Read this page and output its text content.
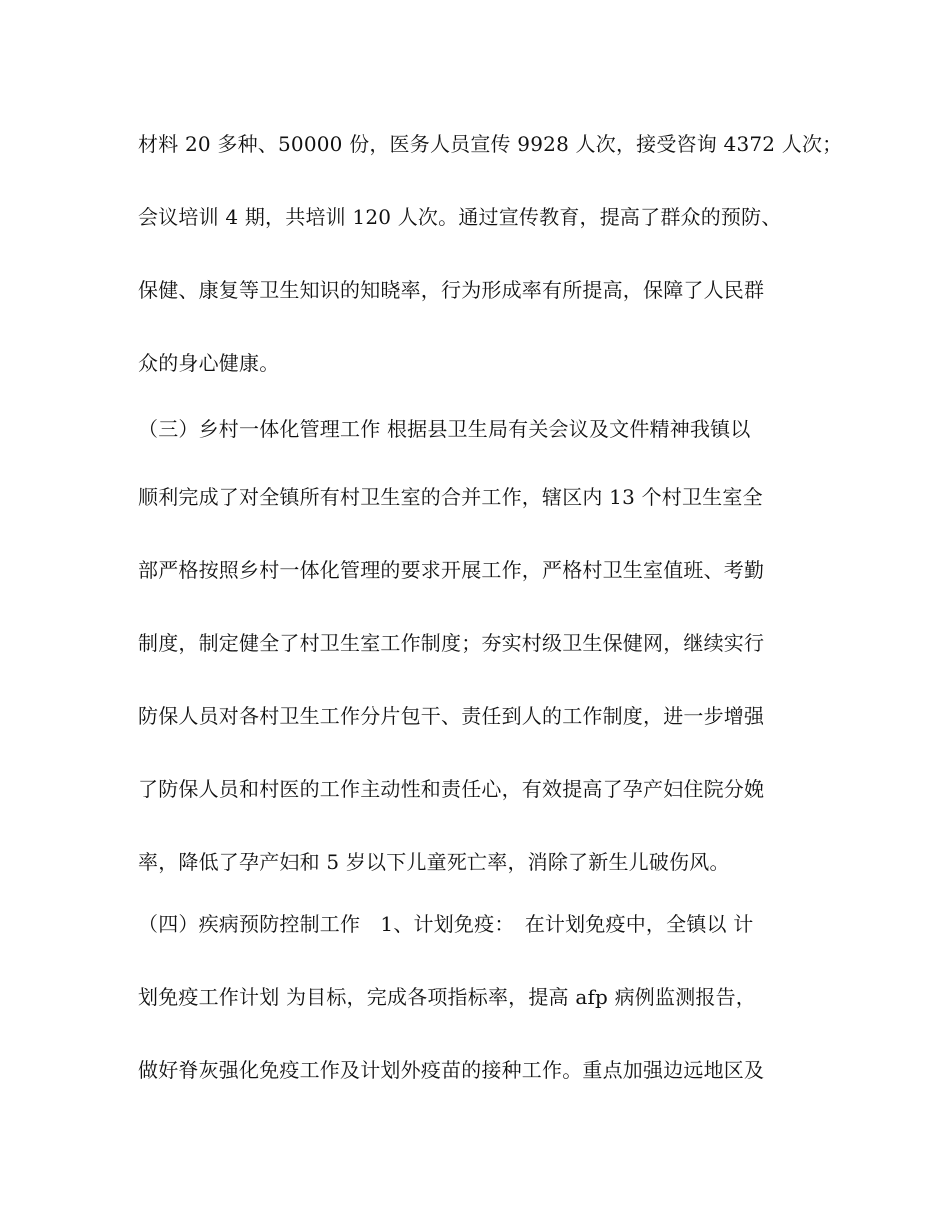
材料 20 多种、50000 份，医务人员宣传 9928 人次，接受咨询 4372 人次；
会议培训 4 期，共培训 120 人次。通过宣传教育，提高了群众的预防、
保健、康复等卫生知识的知晓率，行为形成率有所提高，保障了人民群
众的身心健康。
（三）乡村一体化管理工作 根据县卫生局有关会议及文件精神我镇以
顺利完成了对全镇所有村卫生室的合并工作，辖区内 13 个村卫生室全
部严格按照乡村一体化管理的要求开展工作，严格村卫生室值班、考勤
制度，制定健全了村卫生室工作制度；夯实村级卫生保健网，继续实行
防保人员对各村卫生工作分片包干、责任到人的工作制度，进一步增强
了防保人员和村医的工作主动性和责任心，有效提高了孕产妇住院分娩
率，降低了孕产妇和 5 岁以下儿童死亡率，消除了新生儿破伤风。
（四）疾病预防控制工作　1、计划免疫：　在计划免疫中，全镇以 计
划免疫工作计划 为目标，完成各项指标率，提高 afp 病例监测报告，
做好脊灰强化免疫工作及计划外疫苗的接种工作。重点加强边远地区及
